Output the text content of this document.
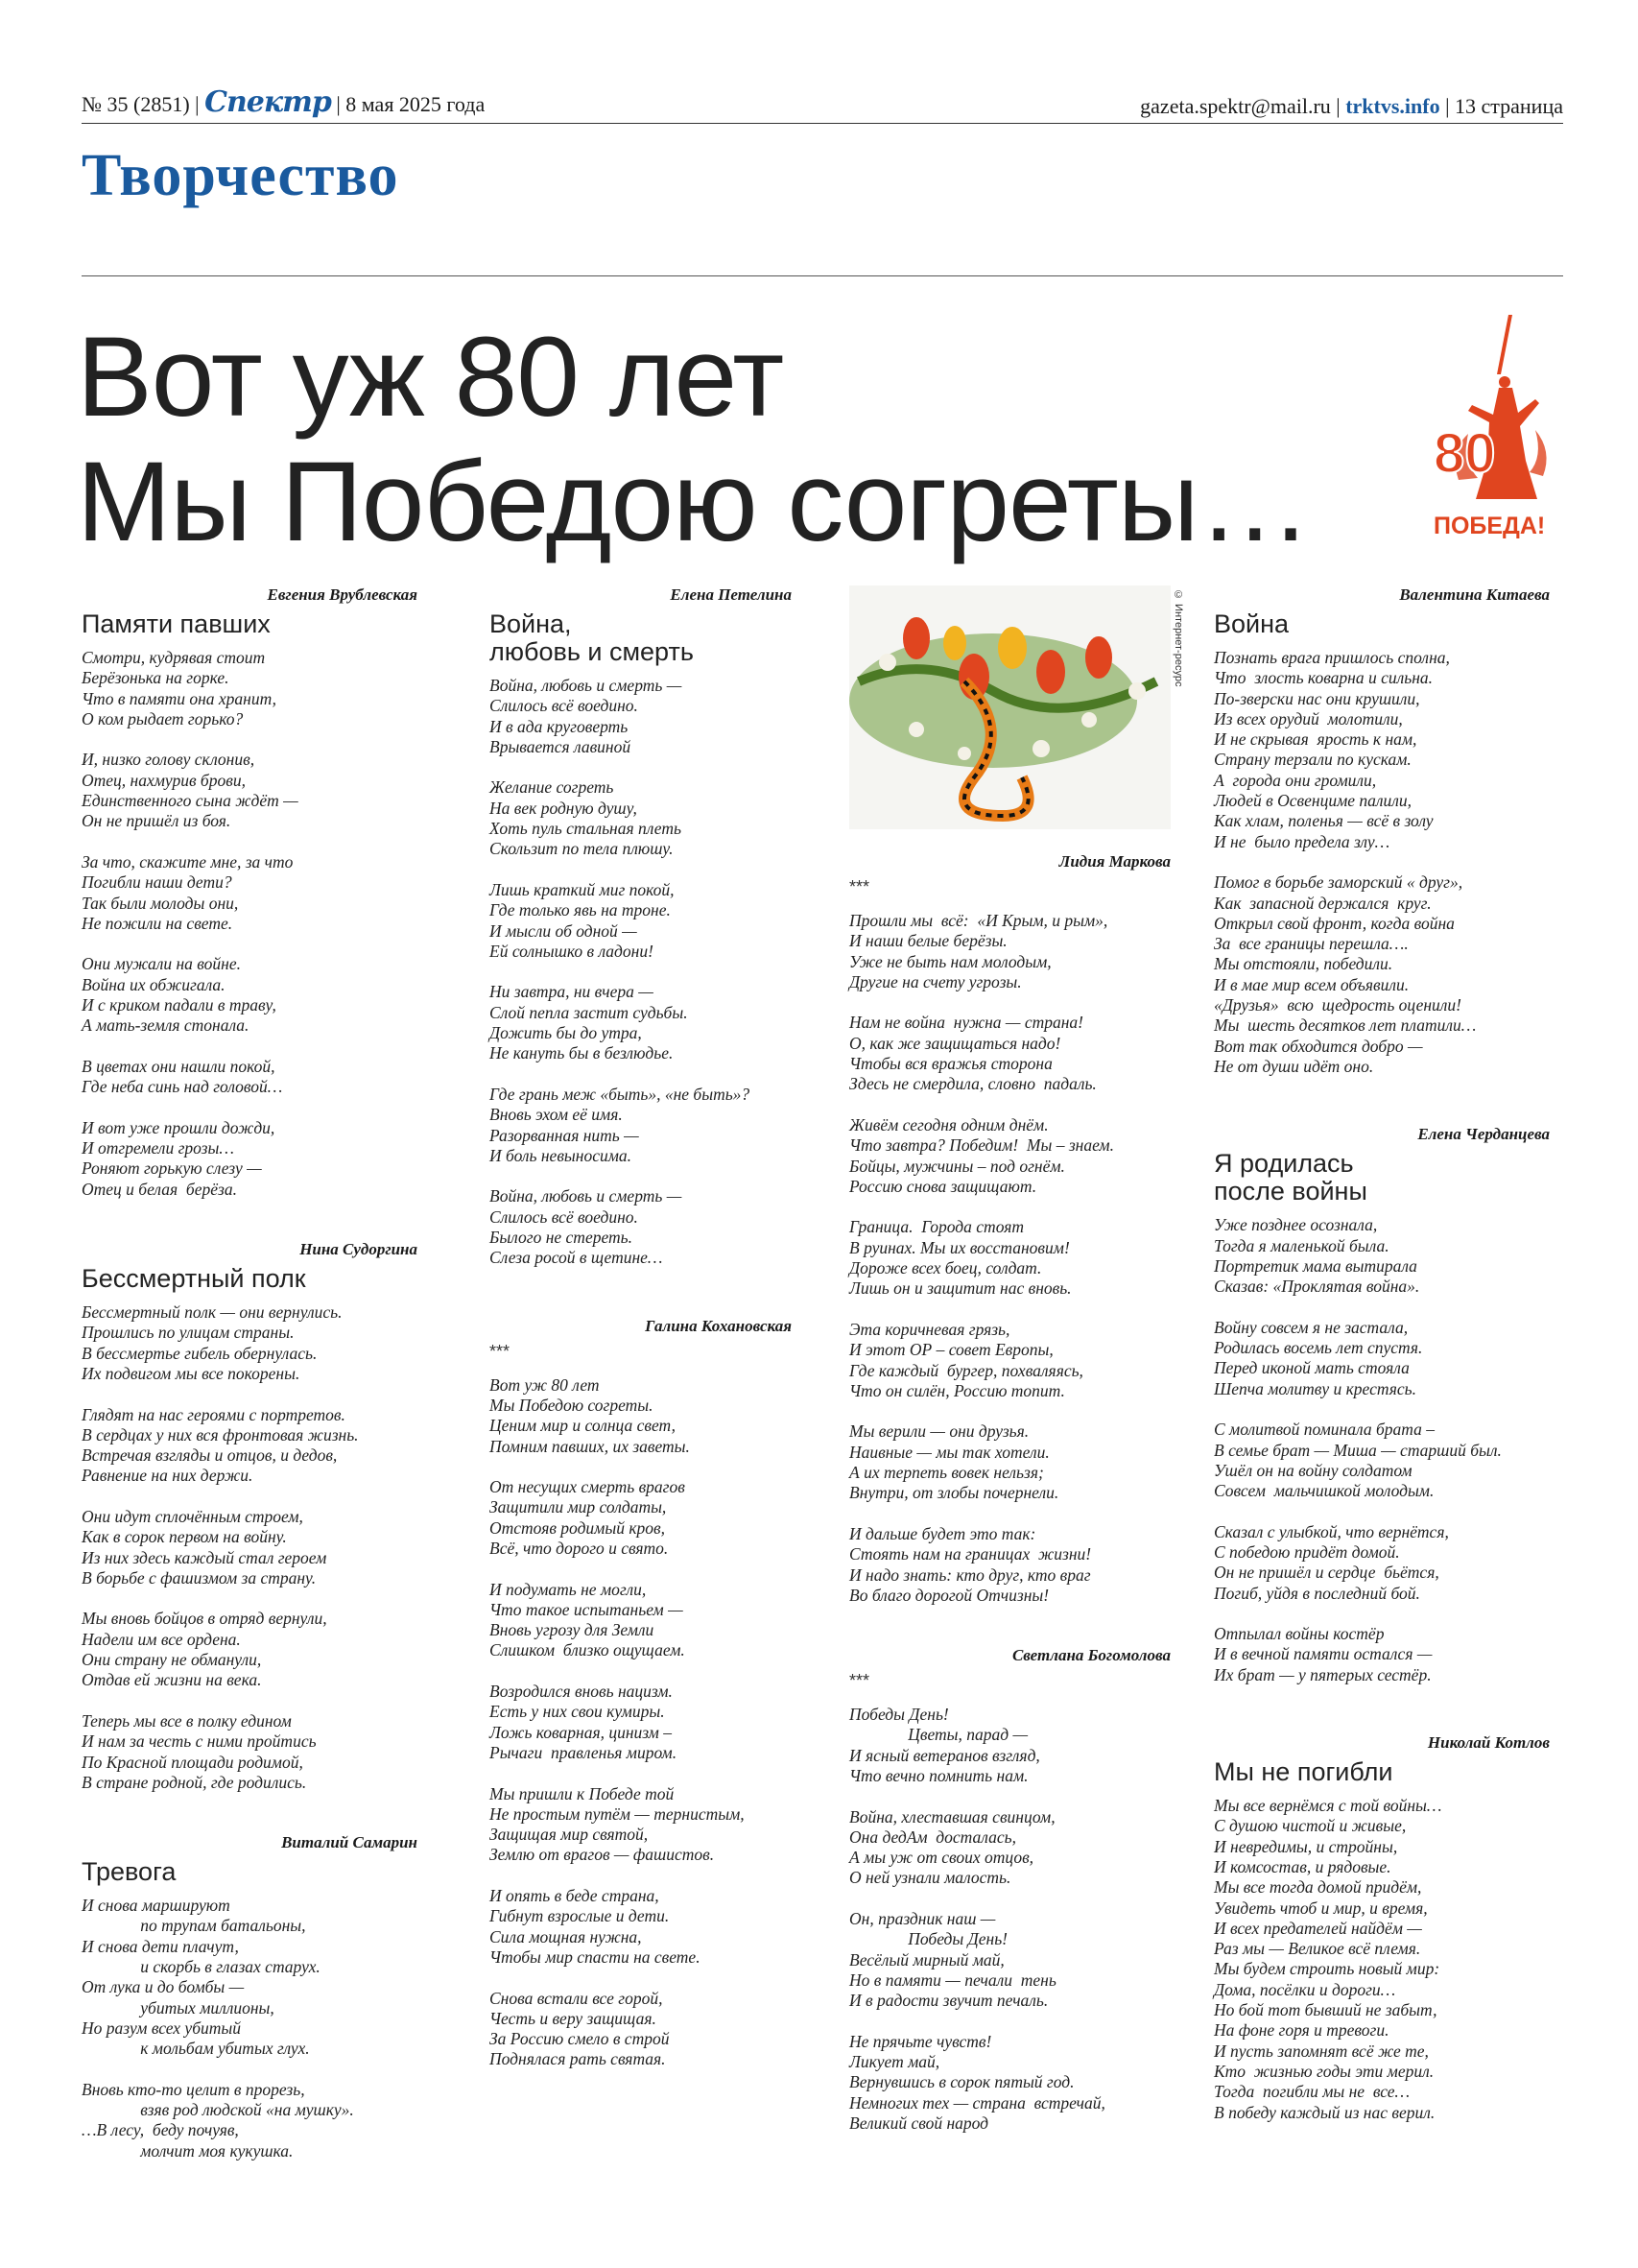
№ 35 (2851) | Спектр | 8 мая 2025 года	gazeta.spektr@mail.ru | trktvs.info | 13 страница
Творчество
Вот уж 80 лет
Мы Победою согреты… 80
ПОБЕДА!
Евгения Врублевская
Памяти павших
Смотри, кудрявая стоит
Берёзонька на горке.
Что в памяти она хранит,
О ком рыдает горько?

И, низко голову склонив,
Отец, нахмурив брови,
Единственного сына ждёт —
Он не пришёл из боя.

За что, скажите мне, за что
Погибли наши дети?
Так были молоды они,
Не пожили на свете.

Они мужали на войне.
Война их обжигала.
И с криком падали в траву,
А мать-земля стонала.

В цветах они нашли покой,
Где неба синь над головой…

И вот уже прошли дожди,
И отгремели грозы…
Роняют горькую слезу —
Отец и белая  берёза.
Нина Судоргина
Бессмертный полк
Бессмертный полк — они вернулись.
Прошлись по улицам страны.
В бессмертье гибель обернулась.
Их подвигом мы все покорены.

Глядят на нас героями с портретов.
В сердцах у них вся фронтовая жизнь.
Встречая взгляды и отцов, и дедов,
Равнение на них держи.

Они идут сплочённым строем,
Как в сорок первом на войну.
Из них здесь каждый стал героем
В борьбе с фашизмом за страну.

Мы вновь бойцов в отряд вернули,
Надели им все ордена.
Они страну не обманули,
Отдав ей жизни на века.

Теперь мы все в полку едином
И нам за честь с ними пройтись
По Красной площади родимой,
В стране родной, где родились.
Виталий Самарин
Тревога
И снова маршируют
по трупам батальоны,
И снова дети плачут,
и скорбь в глазах старух.
От лука и до бомбы —
убитых миллионы,
Но разум всех убитый
к мольбам убитых глух.

Вновь кто-то целит в прорезь,
взяв род людской «на мушку».
…В лесу,  беду почуяв,
молчит моя кукушка.
Елена Петелина
Война,
любовь и смерть
Война, любовь и смерть —
Слилось всё воедино.
И в ада круговерть
Врывается лавиной

Желание согреть
На век родную душу,
Хоть пуль стальная плеть
Скользит по тела плюшу.

Лишь краткий миг покой,
Где только явь на троне.
И мысли об одной —
Ей солнышко в ладони!

Ни завтра, ни вчера —
Слой пепла застит судьбы.
Дожить бы до утра,
Не кануть бы в безлюдье.

Где грань меж «быть», «не быть»?
Вновь эхом её имя.
Разорванная нить —
И боль невыносима.

Война, любовь и смерть —
Слилось всё воедино.
Былого не стереть.
Слеза росой в щетине…
Галина Кохановская
***
Вот уж 80 лет
Мы Победою согреты.
Ценим мир и солнца свет,
Помним павших, их заветы.

От несущих смерть врагов
Защитили мир солдаты,
Отстояв родимый кров,
Всё, что дорого и свято.

И подумать не могли,
Что такое испытаньем —
Вновь угрозу для Земли
Слишком  близко ощущаем.

Возродился вновь нацизм.
Есть у них свои кумиры.
Ложь коварная, цинизм –
Рычаги  правленья миром.

Мы пришли к Победе той
Не простым путём — тернистым,
Защищая мир святой,
Землю от врагов — фашистов.

И опять в беде страна,
Гибнут взрослые и дети.
Сила мощная нужна,
Чтобы мир спасти на свете.

Снова встали все горой,
Честь и веру защищая.
За Россию смело в строй
Поднялася рать святая.
© Интернет-ресурс
Лидия Маркова
***
Прошли мы  всё:  «И Крым, и рым»,
И наши белые берёзы.
Уже не быть нам молодым,
Другие на счету угрозы.

Нам не война  нужна — страна!
О, как же защищаться надо!
Чтобы вся вражья сторона
Здесь не смердила, словно  падаль.

Живём сегодня одним днём.
Что завтра? Победим!  Мы – знаем.
Бойцы, мужчины – под огнём.
Россию снова защищают.

Граница.  Города стоят
В руинах. Мы их восстановим!
Дороже всех боец, солдат.
Лишь он и защитит нас вновь.

Эта коричневая грязь,
И этот ОР – совет Европы,
Где каждый  бургер, похваляясь,
Что он силён, Россию топит.

Мы верили — они друзья.
Наивные — мы так хотели.
А их терпеть вовек нельзя;
Внутри, от злобы почернели.

И дальше будет это так:
Стоять нам на границах  жизни!
И надо знать: кто друг, кто враг
Во благо дорогой Отчизны!
Светлана Богомолова
***
Победы День!
Цветы, парад —
И ясный ветеранов взгляд,
Что вечно помнить нам.

Война, хлеставшая свинцом,
Она дедАм  досталась,
А мы уж от своих отцов,
О ней узнали малость.

Он, праздник наш —
Победы День!
Весёлый мирный май,
Но в памяти — печали  тень
И в радости звучит печаль.

Не прячьте чувств!
Ликует май,
Вернувшись в сорок пятый год.
Немногих тех — страна  встречай,
Великий свой народ
Валентина Китаева
Война
Познать врага пришлось сполна,
Что  злость коварна и сильна.
По-зверски нас они крушили,
Из всех орудий  молотили,
И не скрывая  ярость к нам,
Страну терзали по кускам.
А  города они громили,
Людей в Освенциме палили,
Как хлам, поленья — всё в золу
И не  было предела злу…

Помог в борьбе заморский « друг»,
Как  запасной держался  круг.
Открыл свой фронт, когда война
За  все границы перешла….
Мы отстояли, победили.
И в мае мир всем объявили.
«Друзья»  всю  щедрость оценили!
Мы  шесть десятков лет платили…
Вот так обходится добро —
Не от души идёт оно.
Елена Черданцева
Я родилась
после войны
Уже позднее осознала,
Тогда я маленькой была.
Портретик мама вытирала
Сказав: «Проклятая война».

Войну совсем я не застала,
Родилась восемь лет спустя.
Перед иконой мать стояла
Шепча молитву и крестясь.

С молитвой поминала брата –
В семье брат — Миша — старший был.
Ушёл он на войну солдатом
Совсем  мальчишкой молодым.

Сказал с улыбкой, что вернётся,
С победою придёт домой.
Он не пришёл и сердце  бьётся,
Погиб, уйдя в последний бой.

Отпылал войны костёр
И в вечной памяти остался —
Их брат — у пятерых сестёр.
Николай Котлов
Мы не погибли
Мы все вернёмся с той войны…
С душою чистой и живые,
И невредимы, и стройны,
И комсостав, и рядовые.
Мы все тогда домой придём,
Увидеть чтоб и мир, и время,
И всех предателей найдём —
Раз мы — Великое всё племя.
Мы будем строить новый мир:
Дома, посёлки и дороги…
Но бой тот бывший не забыт,
На фоне горя и тревоги.
И пусть запомнят всё же те,
Кто  жизнью годы эти мерил.
Тогда  погибли мы не  все…
В победу каждый из нас верил.
